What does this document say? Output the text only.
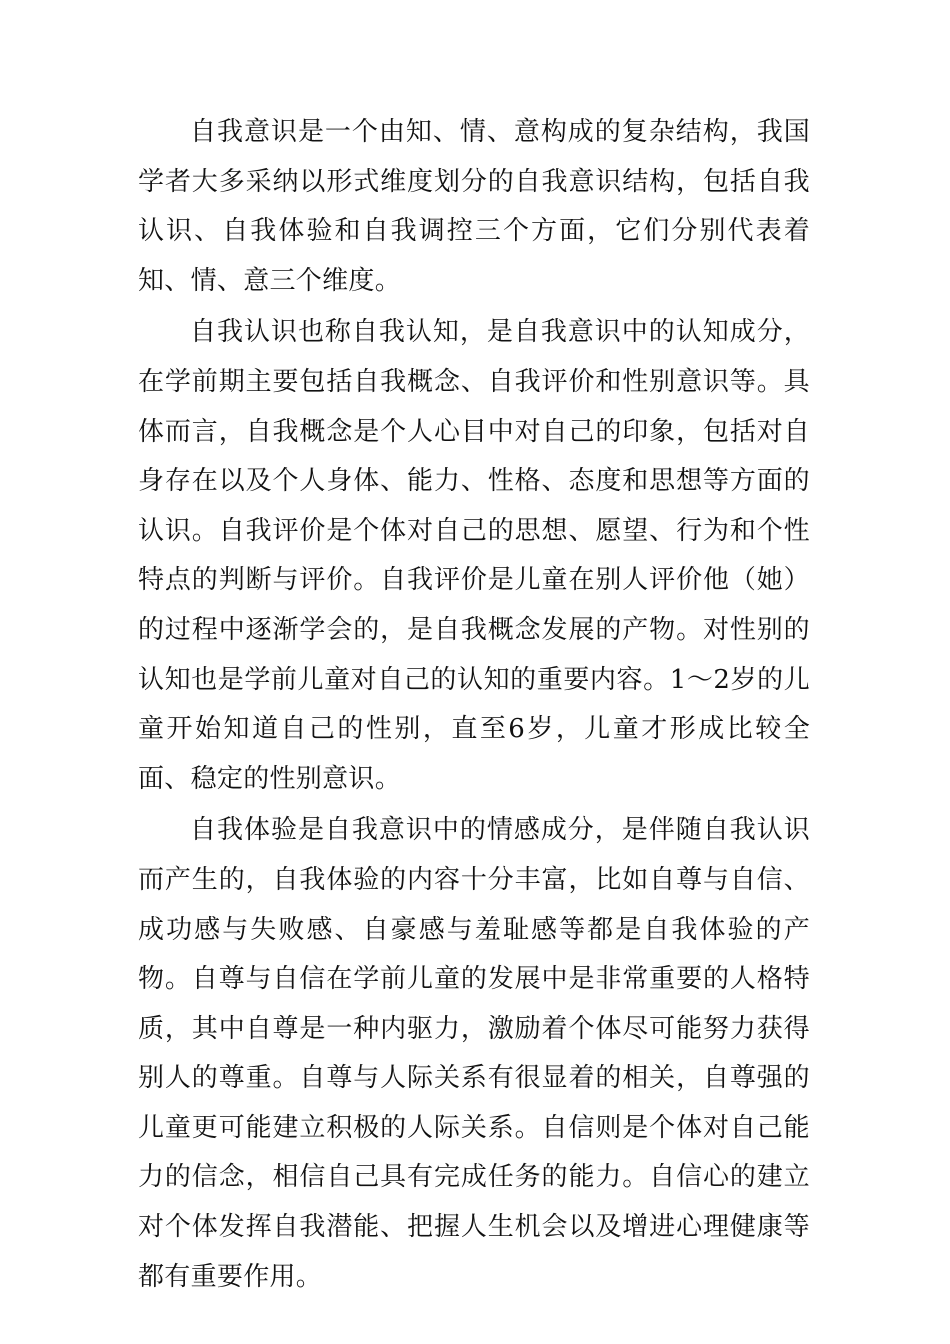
自我意识是一个由知、情、意构成的复杂结构，我国学者大多采纳以形式维度划分的自我意识结构，包括自我认识、自我体验和自我调控三个方面，它们分别代表着知、情、意三个维度。

自我认识也称自我认知，是自我意识中的认知成分，在学前期主要包括自我概念、自我评价和性别意识等。具体而言，自我概念是个人心目中对自己的印象，包括对自身存在以及个人身体、能力、性格、态度和思想等方面的认识。自我评价是个体对自己的思想、愿望、行为和个性特点的判断与评价。自我评价是儿童在别人评价他（她）的过程中逐渐学会的，是自我概念发展的产物。对性别的认知也是学前儿童对自己的认知的重要内容。1～2岁的儿童开始知道自己的性别，直至6岁，儿童才形成比较全面、稳定的性别意识。

自我体验是自我意识中的情感成分，是伴随自我认识而产生的，自我体验的内容十分丰富，比如自尊与自信、成功感与失败感、自豪感与羞耻感等都是自我体验的产物。自尊与自信在学前儿童的发展中是非常重要的人格特质，其中自尊是一种内驱力，激励着个体尽可能努力获得别人的尊重。自尊与人际关系有很显着的相关，自尊强的儿童更可能建立积极的人际关系。自信则是个体对自己能力的信念，相信自己具有完成任务的能力。自信心的建立对个体发挥自我潜能、把握人生机会以及增进心理健康等都有重要作用。
